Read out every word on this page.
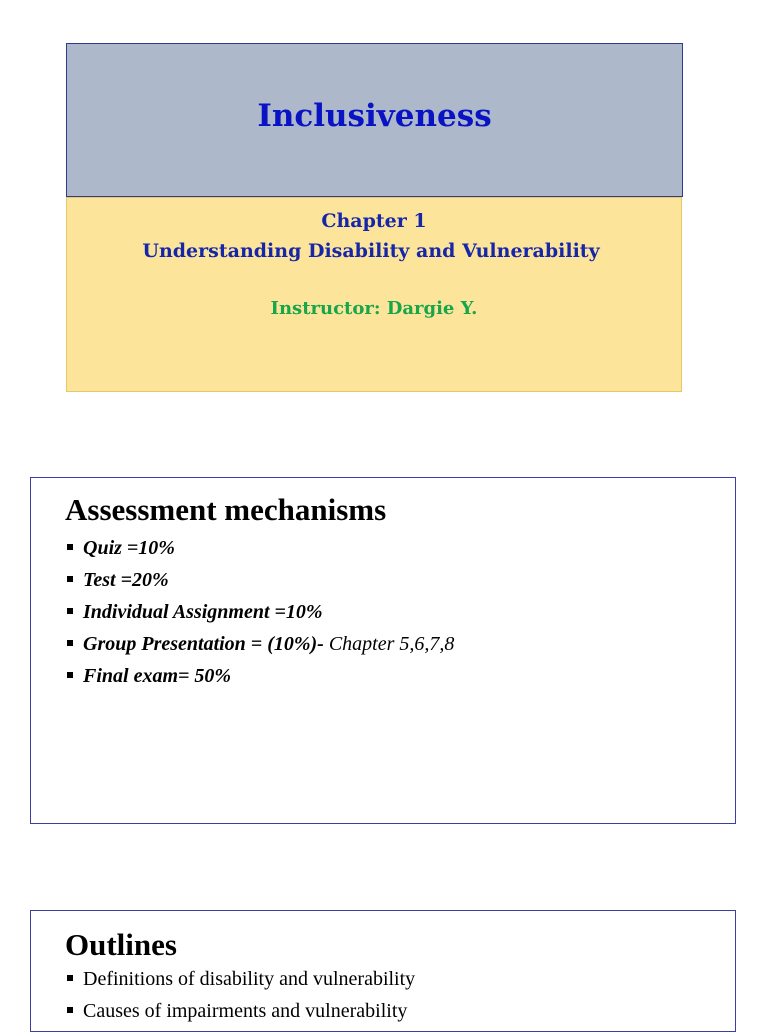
Inclusiveness
Chapter 1
Understanding Disability and Vulnerability
Instructor: Dargie Y.
Assessment mechanisms
Quiz =10%
Test =20%
Individual Assignment =10%
Group Presentation = (10%)- Chapter 5,6,7,8
Final exam= 50%
Outlines
Definitions of disability and vulnerability
Causes of impairments and vulnerability
